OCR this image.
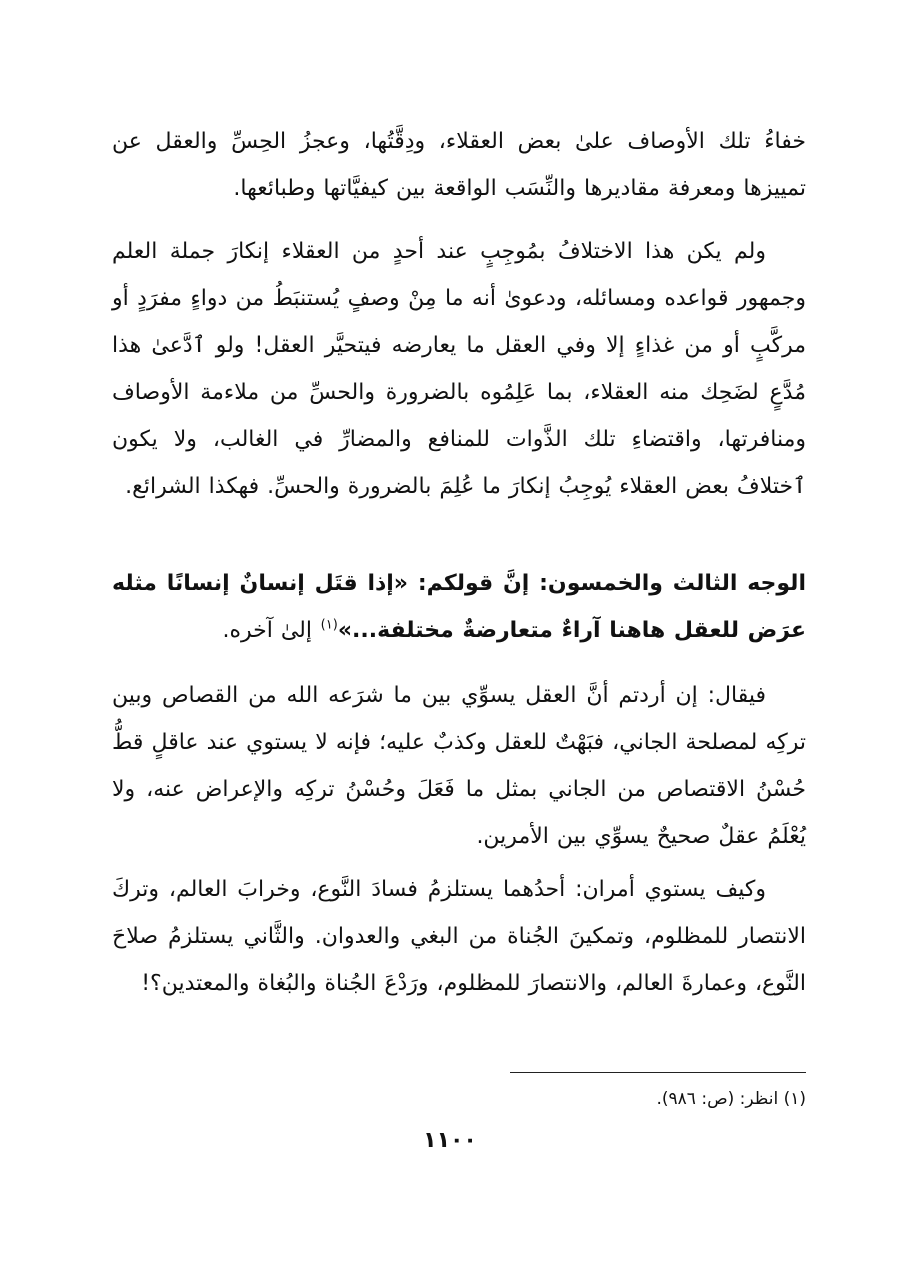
خفاءُ تلك الأوصاف علىٰ بعض العقلاء، ودِقَّتُها، وعجزُ الحِسِّ والعقل عن تمييزها ومعرفة مقاديرها والنِّسَب الواقعة بين كيفيَّاتها وطبائعها.

ولم يكن هذا الاختلافُ بمُوجِبٍ عند أحدٍ من العقلاء إنكارَ جملة العلم وجمهور قواعده ومسائله، ودعوىٰ أنه ما مِنْ وصفٍ يُستنبَطُ من دواءٍ مفرَدٍ أو مركَّبٍ أو من غذاءٍ إلا وفي العقل ما يعارضه فيتحيَّر العقل! ولو ٱدَّعىٰ هذا مُدَّعٍ لضَحِك منه العقلاء، بما عَلِمُوه بالضرورة والحسِّ من ملاءمة الأوصاف ومنافرتها، واقتضاءِ تلك الذَّوات للمنافع والمضارِّ في الغالب، ولا يكون ٱختلافُ بعض العقلاء يُوجِبُ إنكارَ ما عُلِمَ بالضرورة والحسِّ. فهكذا الشرائع.

الوجه الثالث والخمسون: إنَّ قولكم: «إذا قتَل إنسانٌ إنسانًا مثله عرَض للعقل هاهنا آراءٌ متعارضةٌ مختلفة...»$^{(١)}$ إلىٰ آخره.

فيقال: إن أردتم أنَّ العقل يسوِّي بين ما شرَعه الله من القصاص وبين تركِه لمصلحة الجاني، فبَهْتٌ للعقل وكذبٌ عليه؛ فإنه لا يستوي عند عاقلٍ قطُّ حُسْنُ الاقتصاص من الجاني بمثل ما فَعَلَ وحُسْنُ تركِه والإعراض عنه، ولا يُعْلَمُ عقلٌ صحيحٌ يسوِّي بين الأمرين.

وكيف يستوي أمران: أحدُهما يستلزمُ فسادَ النَّوع، وخرابَ العالم، وتركَ الانتصار للمظلوم، وتمكينَ الجُناة من البغي والعدوان. والثَّاني يستلزمُ صلاحَ النَّوع، وعمارةَ العالم، والانتصارَ للمظلوم، ورَدْعَ الجُناة والبُغاة والمعتدين؟!

(١) انظر: (ص: ٩٨٦).
١١٠٠
